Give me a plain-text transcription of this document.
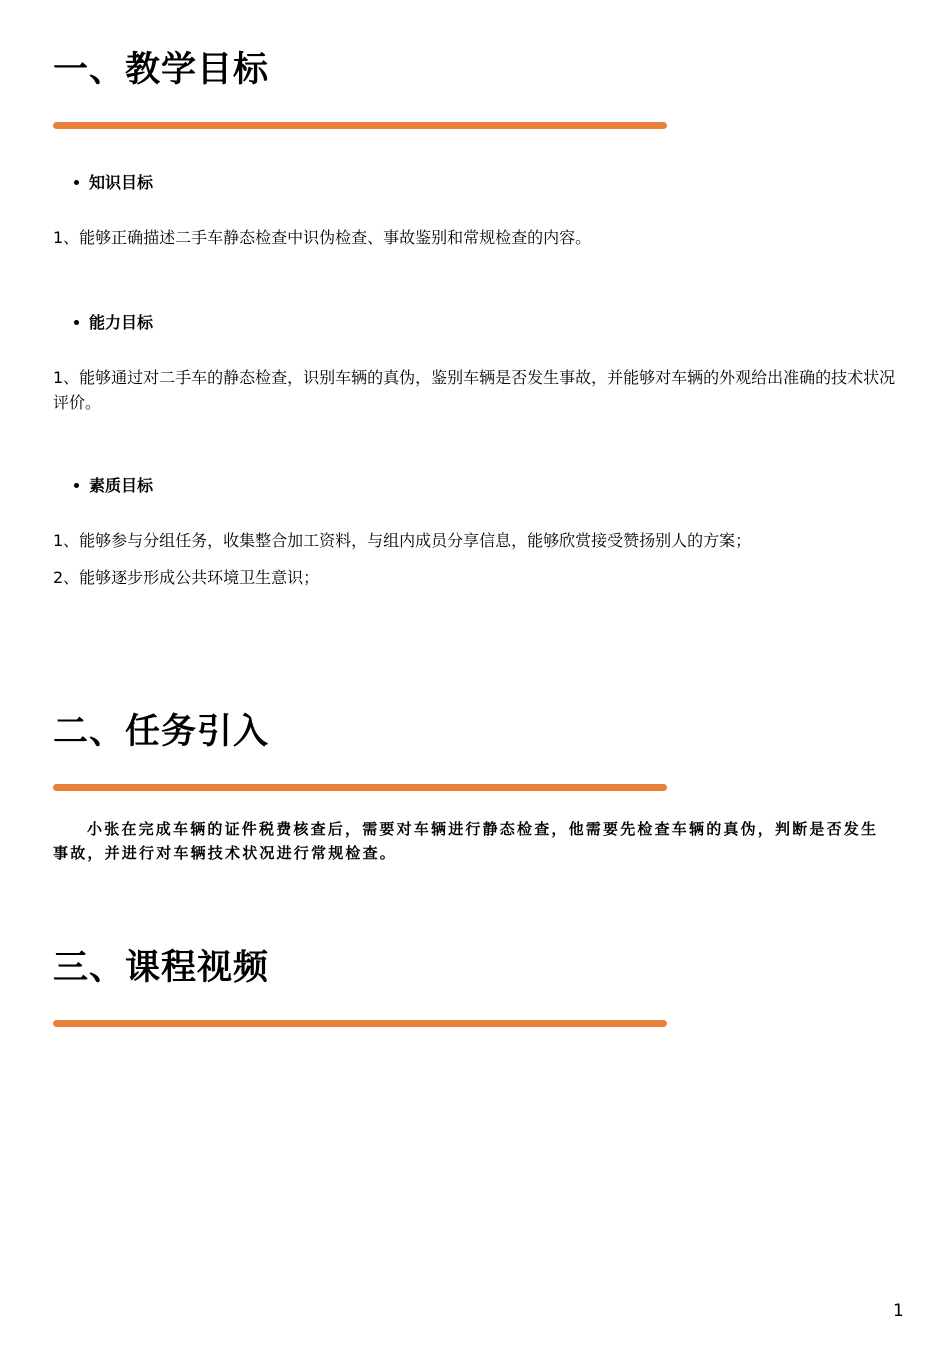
一、教学目标
知识目标

1、能够正确描述二手车静态检查中识伪检查、事故鉴别和常规检查的内容。

能力目标

1、能够通过对二手车的静态检查，识别车辆的真伪，鉴别车辆是否发生事故，并能够对车辆的外观给出准确的技术状况评价。

素质目标

1、能够参与分组任务，收集整合加工资料，与组内成员分享信息，能够欣赏接受赞扬别人的方案；

2、能够逐步形成公共环境卫生意识；

二、任务引入

小张在完成车辆的证件税费核查后，需要对车辆进行静态检查，他需要先检查车辆的真伪，判断是否发生事故，并进行对车辆技术状况进行常规检查。

三、课程视频
1
